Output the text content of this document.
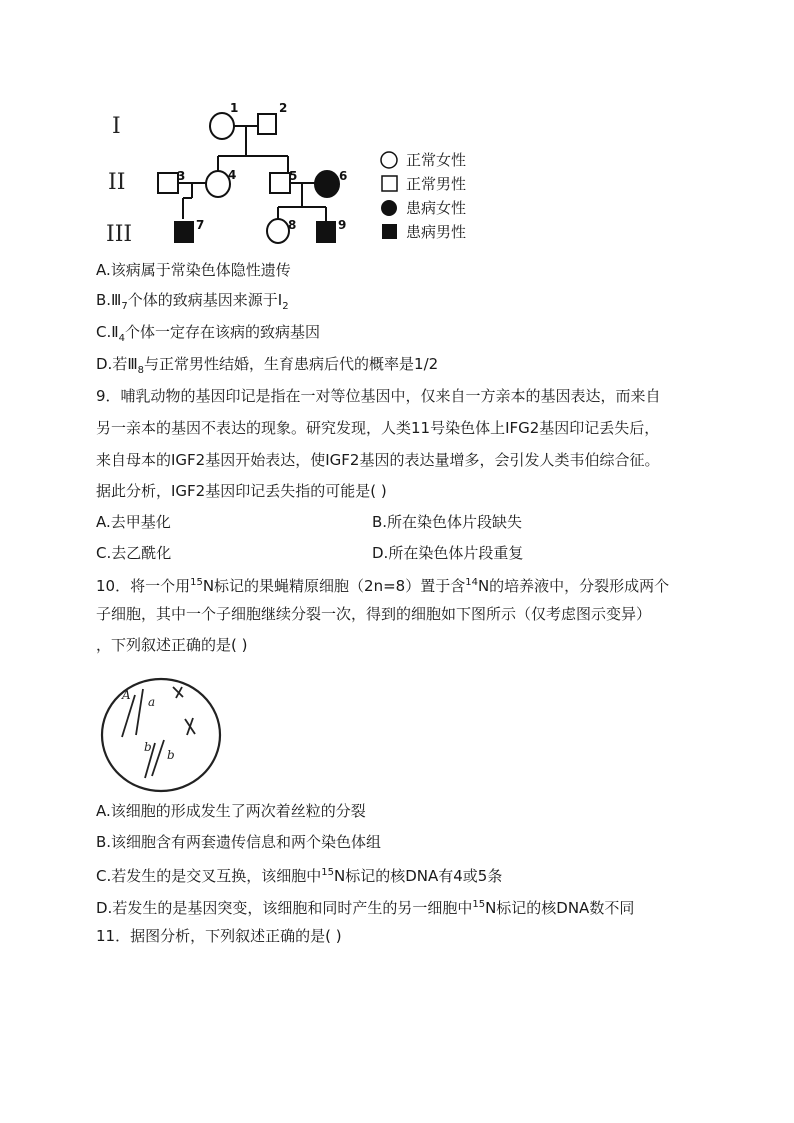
I
II
III
1	2
3	4	5	6
7	8	9
正常女性
正常男性
患病女性
患病男性
A.该病属于常染色体隐性遗传
$B.Ⅲ_7$个体的致病基因来源于$I_2$
$C.Ⅱ_4$个体一定存在该病的致病基因
D.若$Ⅲ_8$与正常男性结婚，生育患病后代的概率是1/2
9．哺乳动物的基因印记是指在一对等位基因中，仅来自一方亲本的基因表达，而来自
另一亲本的基因不表达的现象。研究发现，人类11号染色体上IFG2基因印记丢失后，
来自母本的IGF2基因开始表达，使IGF2基因的表达量增多，会引发人类韦伯综合征。
据此分析，IGF2基因印记丢失指的可能是( )
A.去甲基化	B.所在染色体片段缺失
C.去乙酰化	D.所在染色体片段重复
10．将一个用$^{15}$N标记的果蝇精原细胞（2n=8）置于含$^{14}$N的培养液中，分裂形成两个
子细胞，其中一个子细胞继续分裂一次，得到的细胞如下图所示（仅考虑图示变异）
，下列叙述正确的是( )
A a
b
b
A.该细胞的形成发生了两次着丝粒的分裂
B.该细胞含有两套遗传信息和两个染色体组
C.若发生的是交叉互换，该细胞中$^{15}$N标记的核DNA有4或5条
D.若发生的是基因突变，该细胞和同时产生的另一细胞中$^{15}$N标记的核DNA数不同
11．据图分析，下列叙述正确的是( )
